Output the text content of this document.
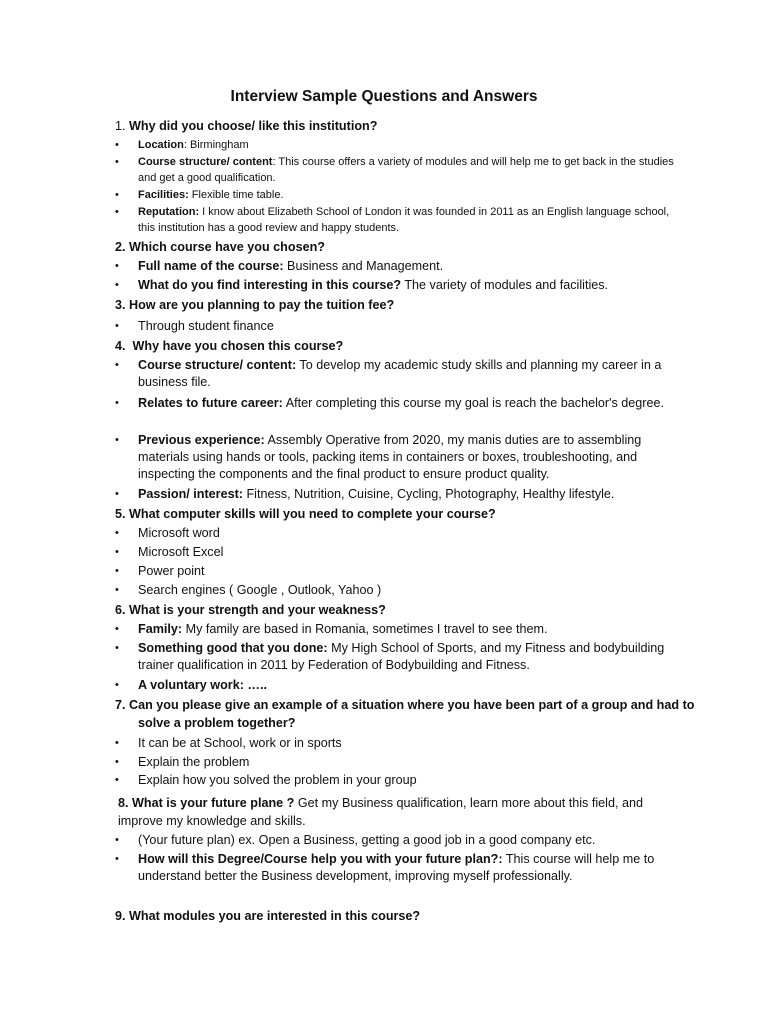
Interview Sample Questions and Answers
1. Why did you choose/ like this institution?
•	Location: Birmingham
•	Course structure/ content: This course offers a variety of modules and will help me to get back in the studies and get a good qualification.
•	Facilities: Flexible time table.
•	Reputation: I know about Elizabeth School of London it was founded in 2011 as an English language school, this institution has a good review and happy students.
2. Which course have you chosen?
•	Full name of the course: Business and Management.
•	What do you find interesting in this course? The variety of modules and facilities.
3. How are you planning to pay the tuition fee?
•	Through student finance
4. Why have you chosen this course?
•	Course structure/ content: To develop my academic study skills and planning my career in a business file.
•	Relates to future career: After completing this course my goal is reach the bachelor's degree.
•	Previous experience: Assembly Operative from 2020, my manis duties are to assembling materials using hands or tools, packing items in containers or boxes, troubleshooting, and inspecting the components and the final product to ensure product quality.
•	Passion/ interest: Fitness, Nutrition, Cuisine, Cycling, Photography, Healthy lifestyle.
5. What computer skills will you need to complete your course?
•	Microsoft word
•	Microsoft Excel
•	Power point
•	Search engines ( Google , Outlook, Yahoo )
6. What is your strength and your weakness?
•	Family: My family are based in Romania, sometimes I travel to see them.
•	Something good that you done: My High School of Sports, and my Fitness and bodybuilding trainer qualification in 2011 by Federation of Bodybuilding and Fitness.
•	A voluntary work: …..
7. Can you please give an example of a situation where you have been part of a group and had to solve a problem together?
•	It can be at School, work or in sports
•	Explain the problem
•	Explain how you solved the problem in your group
8. What is your future plane ? Get my Business qualification, learn more about this field, and improve my knowledge and skills.
•	(Your future plan) ex. Open a Business, getting a good job in a good company etc.
•	How will this Degree/Course help you with your future plan?: This course will help me to understand better the Business development, improving myself professionally.
9. What modules you are interested in this course?
